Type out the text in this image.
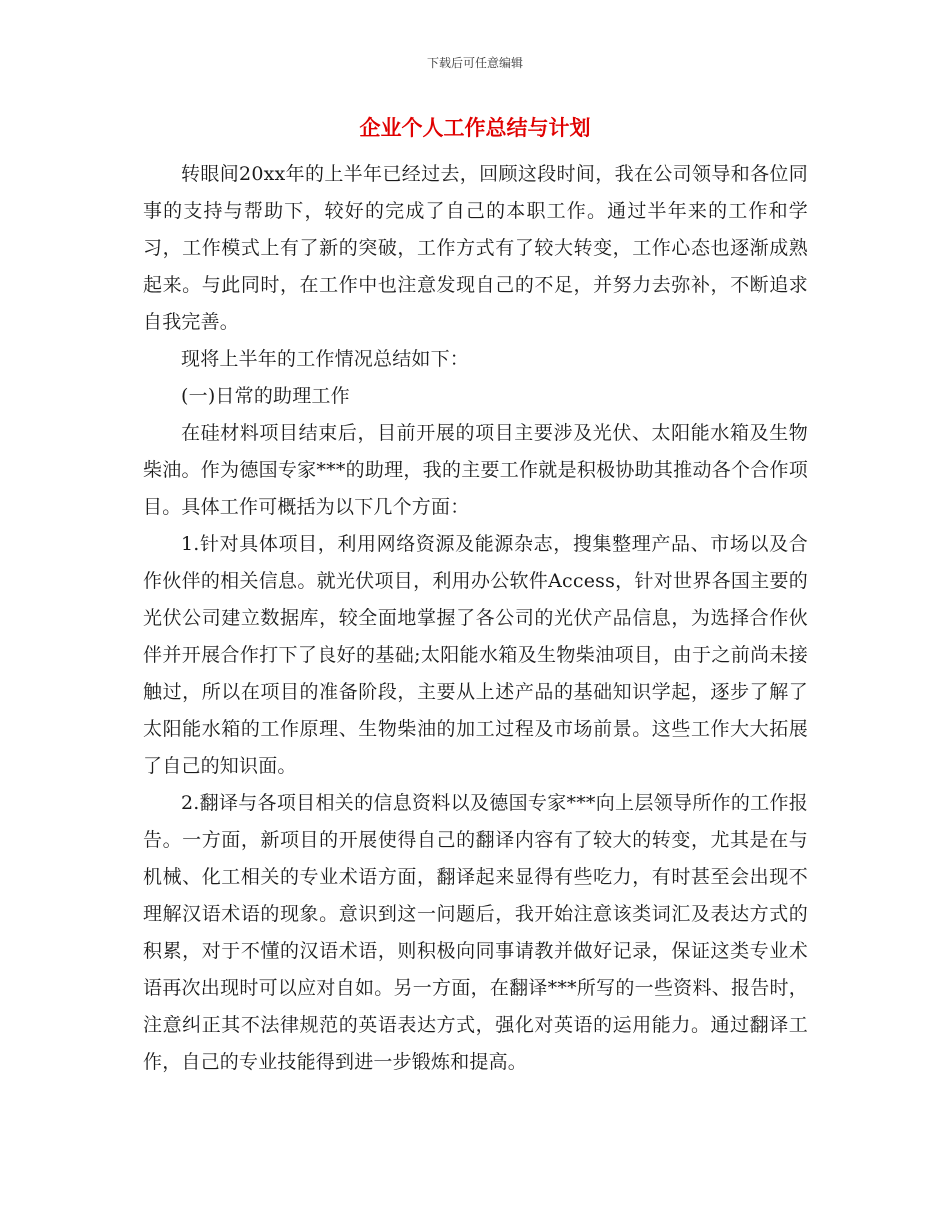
下载后可任意编辑
企业个人工作总结与计划

转眼间20xx年的上半年已经过去，回顾这段时间，我在公司领导和各位同事的支持与帮助下，较好的完成了自己的本职工作。通过半年来的工作和学习，工作模式上有了新的突破，工作方式有了较大转变，工作心态也逐渐成熟起来。与此同时，在工作中也注意发现自己的不足，并努力去弥补，不断追求自我完善。

现将上半年的工作情况总结如下：

(一)日常的助理工作

在硅材料项目结束后，目前开展的项目主要涉及光伏、太阳能水箱及生物柴油。作为德国专家***的助理，我的主要工作就是积极协助其推动各个合作项目。具体工作可概括为以下几个方面：

1.针对具体项目，利用网络资源及能源杂志，搜集整理产品、市场以及合作伙伴的相关信息。就光伏项目，利用办公软件Access，针对世界各国主要的光伏公司建立数据库，较全面地掌握了各公司的光伏产品信息，为选择合作伙伴并开展合作打下了良好的基础;太阳能水箱及生物柴油项目，由于之前尚未接触过，所以在项目的准备阶段，主要从上述产品的基础知识学起，逐步了解了太阳能水箱的工作原理、生物柴油的加工过程及市场前景。这些工作大大拓展了自己的知识面。

2.翻译与各项目相关的信息资料以及德国专家***向上层领导所作的工作报告。一方面，新项目的开展使得自己的翻译内容有了较大的转变，尤其是在与机械、化工相关的专业术语方面，翻译起来显得有些吃力，有时甚至会出现不理解汉语术语的现象。意识到这一问题后，我开始注意该类词汇及表达方式的积累，对于不懂的汉语术语，则积极向同事请教并做好记录，保证这类专业术语再次出现时可以应对自如。另一方面，在翻译***所写的一些资料、报告时，注意纠正其不法律规范的英语表达方式，强化对英语的运用能力。通过翻译工作，自己的专业技能得到进一步锻炼和提高。
